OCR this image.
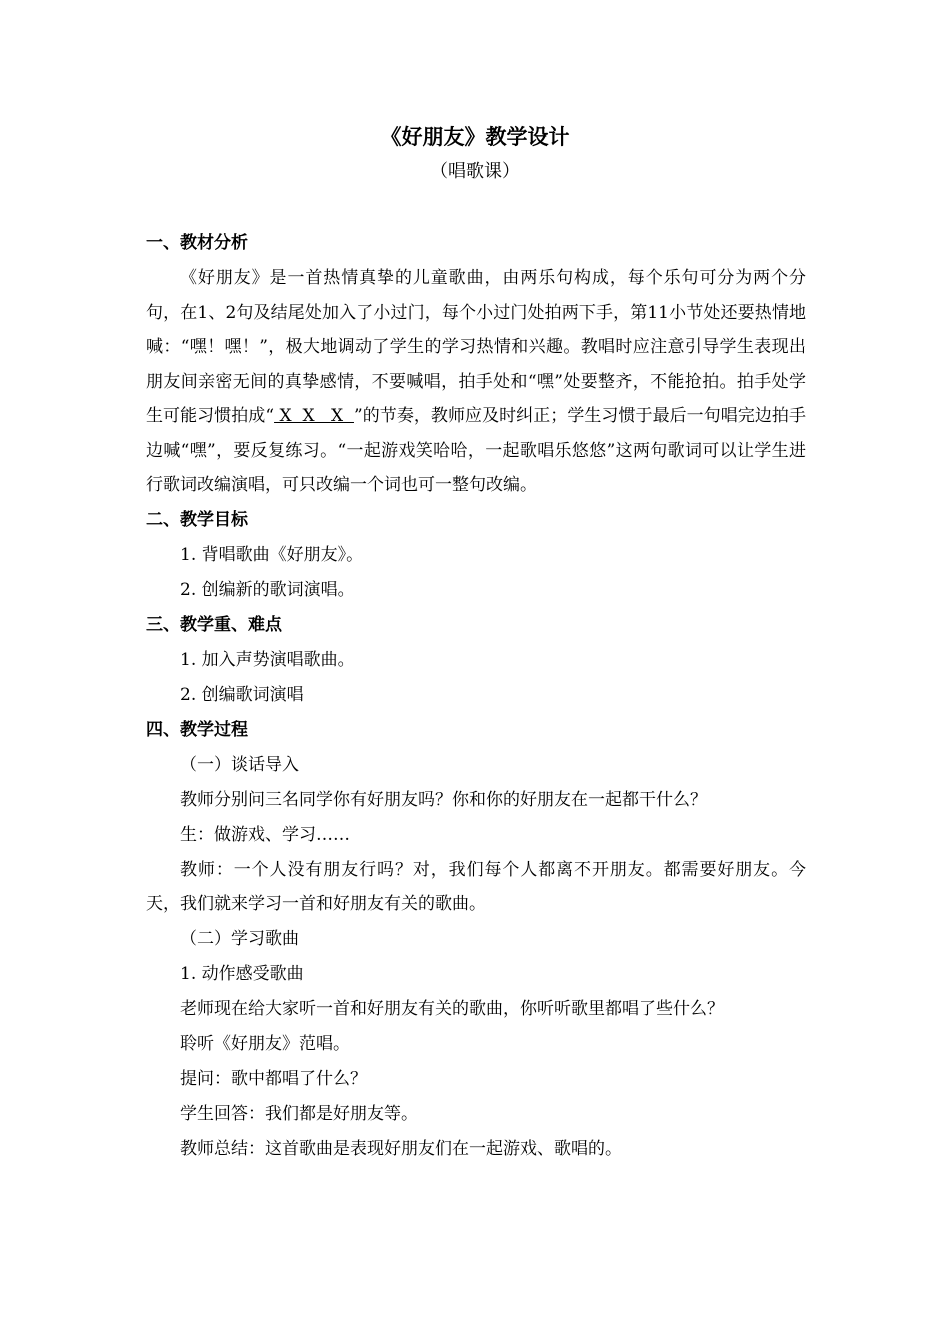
《好朋友》教学设计
（唱歌课）

一、教材分析

《好朋友》是一首热情真挚的儿童歌曲，由两乐句构成，每个乐句可分为两个分句，在1、2句及结尾处加入了小过门，每个小过门处拍两下手，第11小节处还要热情地喊：“嘿！嘿！”，极大地调动了学生的学习热情和兴趣。教唱时应注意引导学生表现出朋友间亲密无间的真挚感情，不要喊唱，拍手处和“嘿”处要整齐，不能抢拍。拍手处学生可能习惯拍成“ X  X   X  ”的节奏，教师应及时纠正；学生习惯于最后一句唱完边拍手边喊“嘿”，要反复练习。“一起游戏笑哈哈，一起歌唱乐悠悠”这两句歌词可以让学生进行歌词改编演唱，可只改编一个词也可一整句改编。

二、教学目标

1. 背唱歌曲《好朋友》。

2. 创编新的歌词演唱。

三、教学重、难点

1. 加入声势演唱歌曲。

2. 创编歌词演唱

四、教学过程

（一）谈话导入

教师分别问三名同学你有好朋友吗？你和你的好朋友在一起都干什么？

生：做游戏、学习……

教师：一个人没有朋友行吗？对，我们每个人都离不开朋友。都需要好朋友。今天，我们就来学习一首和好朋友有关的歌曲。

（二）学习歌曲

1. 动作感受歌曲

老师现在给大家听一首和好朋友有关的歌曲，你听听歌里都唱了些什么？

聆听《好朋友》范唱。

提问：歌中都唱了什么？

学生回答：我们都是好朋友等。

教师总结：这首歌曲是表现好朋友们在一起游戏、歌唱的。
